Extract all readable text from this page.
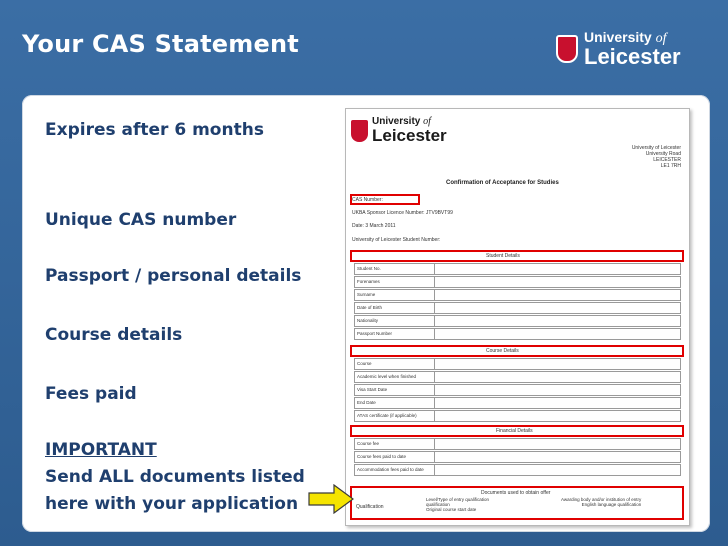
Your CAS Statement	University of
Leicester
Expires after 6 months
Unique CAS number
Passport / personal details
Course details
Fees paid
IMPORTANT
Send ALL documents listed
here with your application
University of
Leicester
University of Leicester
University Road
LEICESTER
LE1 7RH
Confirmation of Acceptance for Studies
CAS Number:
UKBA Sponsor Licence Number: JTV9BVT99
Date: 3 March 2011
University of Leicester Student Number:
Student Details
Student No.
Forenames
Surname
Date of Birth
Nationality
Passport Number
Course Details
Course
Academic level when finished
Visa Start Date
End Date
ATAS certificate (if applicable)
Financial Details
Course fee
Course fees paid to date
Accommodation fees paid to date
Documents used to obtain offer
Qualification
Level/Type of entry qualification
qualification
Original course start date
Awarding body and/or institution of entry
English language qualification
